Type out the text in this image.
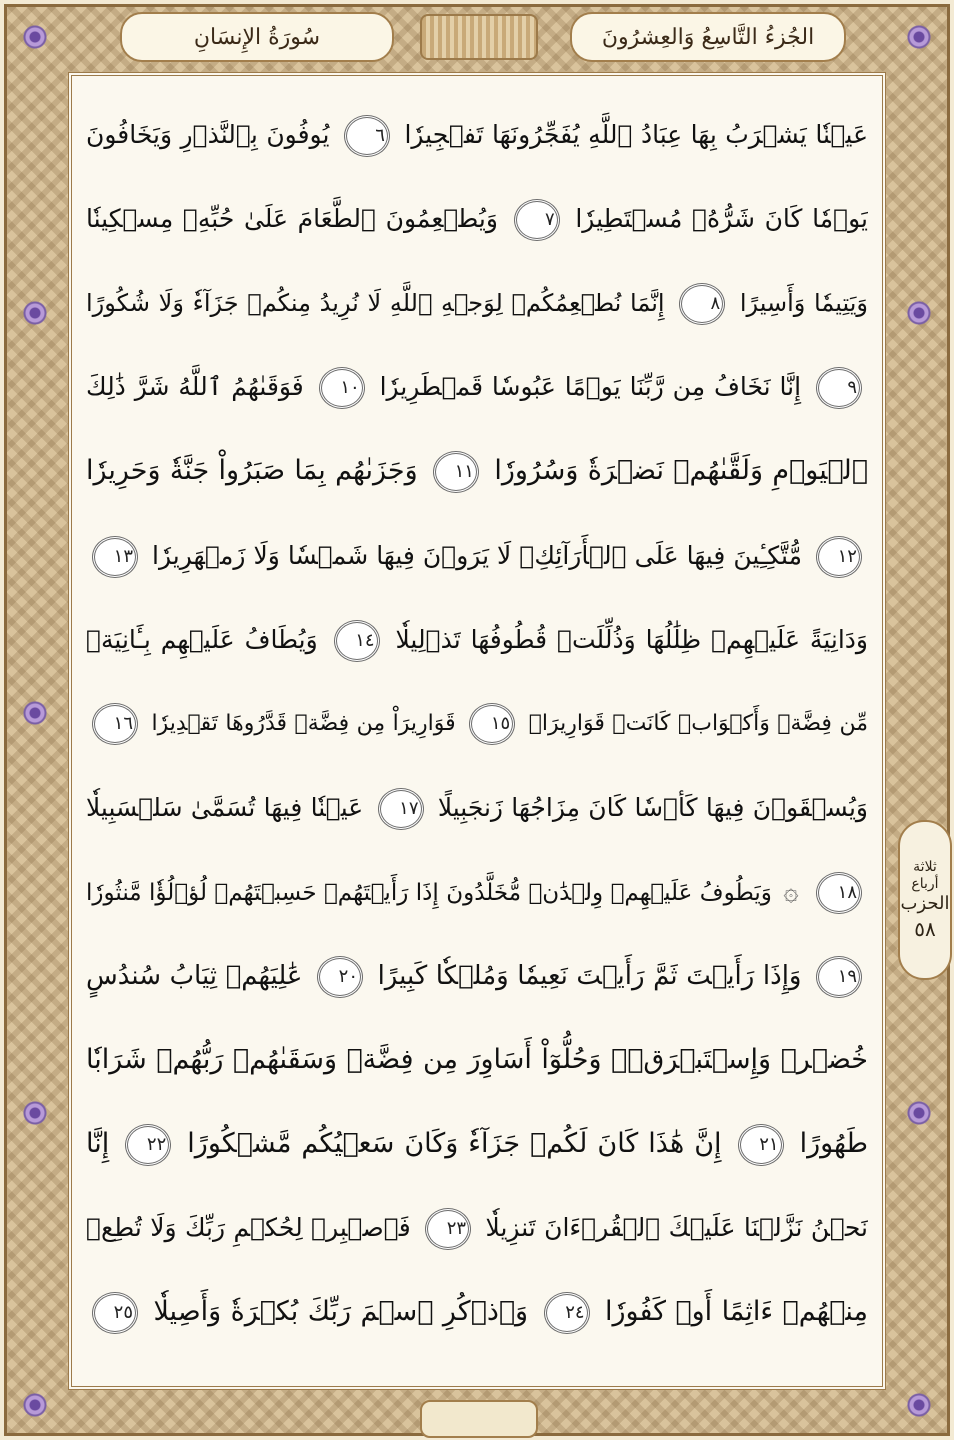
سُورَةُ الإِنسَانِ	الجُزءُ التَّاسِعُ وَالعِشرُونَ
ثلاثة أرباع
الحزب
٥٨
عَيۡنٗا يَشۡرَبُ بِهَا عِبَادُ ٱللَّهِ يُفَجِّرُونَهَا تَفۡجِيرٗا ٦ يُوفُونَ بِٱلنَّذۡرِ وَيَخَافُونَ
يَوۡمٗا كَانَ شَرُّهُۥ مُسۡتَطِيرٗا ٧ وَيُطۡعِمُونَ ٱلطَّعَامَ عَلَىٰ حُبِّهِۦ مِسۡكِينٗا
وَيَتِيمٗا وَأَسِيرًا ٨ إِنَّمَا نُطۡعِمُكُمۡ لِوَجۡهِ ٱللَّهِ لَا نُرِيدُ مِنكُمۡ جَزَآءٗ وَلَا شُكُورًا
٩ إِنَّا نَخَافُ مِن رَّبِّنَا يَوۡمًا عَبُوسٗا قَمۡطَرِيرٗا ١٠ فَوَقَىٰهُمُ ٱللَّهُ شَرَّ ذَٰلِكَ
ٱلۡيَوۡمِ وَلَقَّىٰهُمۡ نَضۡرَةٗ وَسُرُورٗا ١١ وَجَزَىٰهُم بِمَا صَبَرُواْ جَنَّةٗ وَحَرِيرٗا
١٢ مُّتَّكِـِٔينَ فِيهَا عَلَى ٱلۡأَرَآئِكِۖ لَا يَرَوۡنَ فِيهَا شَمۡسٗا وَلَا زَمۡهَرِيرٗا ١٣
وَدَانِيَةً عَلَيۡهِمۡ ظِلَٰلُهَا وَذُلِّلَتۡ قُطُوفُهَا تَذۡلِيلٗا ١٤ وَيُطَافُ عَلَيۡهِم بِـَٔانِيَةٖ
مِّن فِضَّةٖ وَأَكۡوَابٖ كَانَتۡ قَوَارِيرَا۠ ١٥ قَوَارِيرَاْ مِن فِضَّةٖ قَدَّرُوهَا تَقۡدِيرٗا ١٦
وَيُسۡقَوۡنَ فِيهَا كَأۡسٗا كَانَ مِزَاجُهَا زَنجَبِيلًا ١٧ عَيۡنٗا فِيهَا تُسَمَّىٰ سَلۡسَبِيلٗا
١٨ ۞ وَيَطُوفُ عَلَيۡهِمۡ وِلۡدَٰنٞ مُّخَلَّدُونَ إِذَا رَأَيۡتَهُمۡ حَسِبۡتَهُمۡ لُؤۡلُؤٗا مَّنثُورٗا
١٩ وَإِذَا رَأَيۡتَ ثَمَّ رَأَيۡتَ نَعِيمٗا وَمُلۡكٗا كَبِيرًا ٢٠ عَٰلِيَهُمۡ ثِيَابُ سُندُسٍ
خُضۡرٞ وَإِسۡتَبۡرَقٞۖ وَحُلُّوٓاْ أَسَاوِرَ مِن فِضَّةٖ وَسَقَىٰهُمۡ رَبُّهُمۡ شَرَابٗا
طَهُورًا ٢١ إِنَّ هَٰذَا كَانَ لَكُمۡ جَزَآءٗ وَكَانَ سَعۡيُكُم مَّشۡكُورًا ٢٢ إِنَّا
نَحۡنُ نَزَّلۡنَا عَلَيۡكَ ٱلۡقُرۡءَانَ تَنزِيلٗا ٢٣ فَٱصۡبِرۡ لِحُكۡمِ رَبِّكَ وَلَا تُطِعۡ
مِنۡهُمۡ ءَاثِمًا أَوۡ كَفُورٗا ٢٤ وَٱذۡكُرِ ٱسۡمَ رَبِّكَ بُكۡرَةٗ وَأَصِيلٗا ٢٥
